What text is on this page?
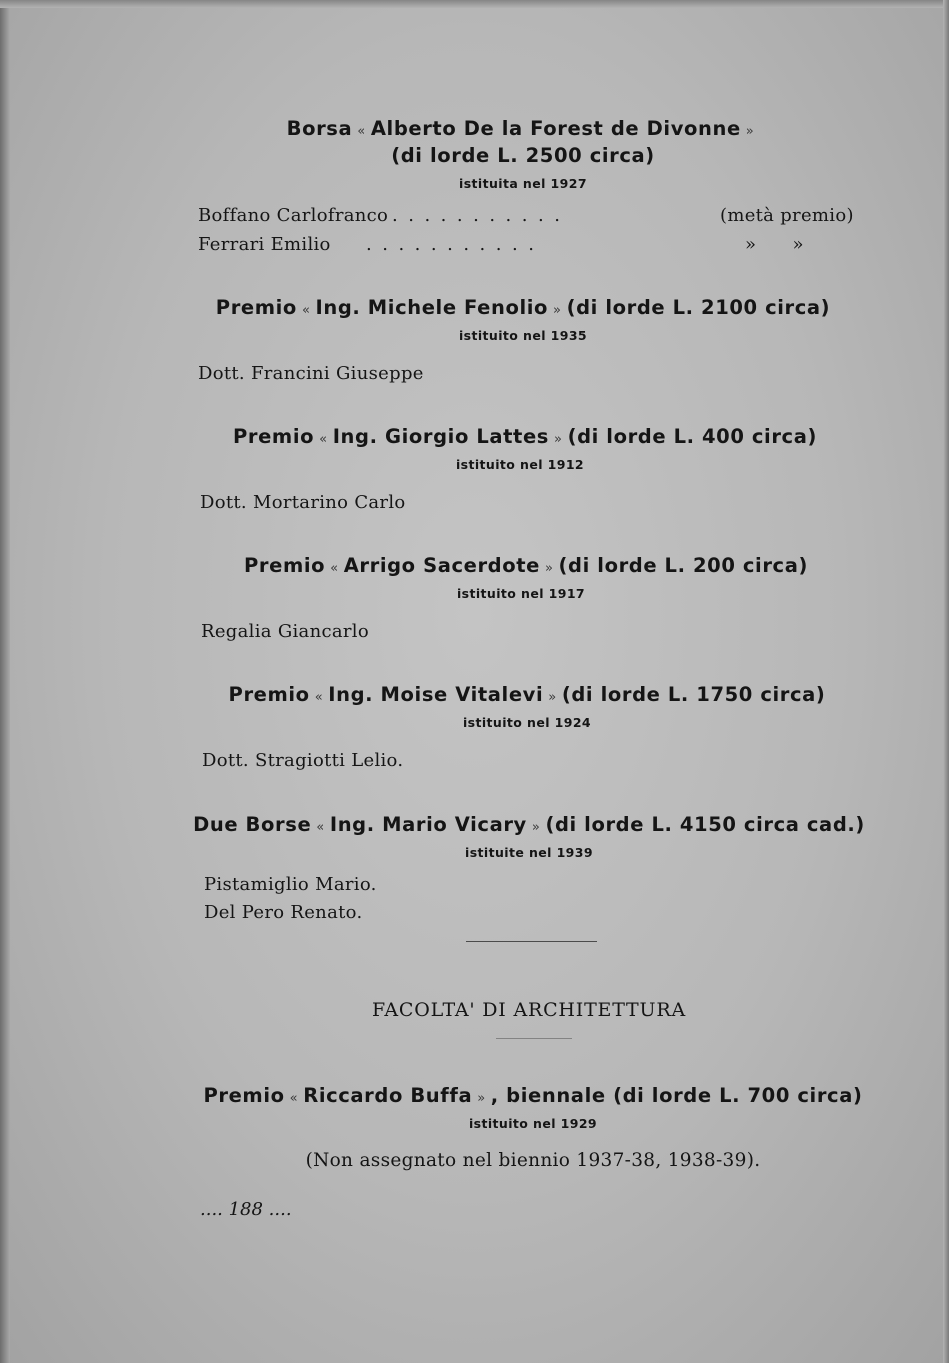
Borsa « Alberto De la Forest de Divonne »
(di lorde L. 2500 circa)
istituita nel 1927
Boffano Carlofranco ...........	(metà premio)
Ferrari Emilio ...........	»      »
Premio « Ing. Michele Fenolio » (di lorde L. 2100 circa)
istituito nel 1935
Dott. Francini Giuseppe
Premio « Ing. Giorgio Lattes » (di lorde L. 400 circa)
istituito nel 1912
Dott. Mortarino Carlo
Premio « Arrigo Sacerdote » (di lorde L. 200 circa)
istituito nel 1917
Regalia Giancarlo
Premio « Ing. Moise Vitalevi » (di lorde L. 1750 circa)
istituito nel 1924
Dott. Stragiotti Lelio.
Due Borse « Ing. Mario Vicary » (di lorde L. 4150 circa cad.)
istituite nel 1939
Pistamiglio Mario.
Del Pero Renato.
FACOLTA' DI ARCHITETTURA
Premio « Riccardo Buffa » , biennale (di lorde L. 700 circa)
istituito nel 1929
(Non assegnato nel biennio 1937-38, 1938-39).
.... 188 ....
